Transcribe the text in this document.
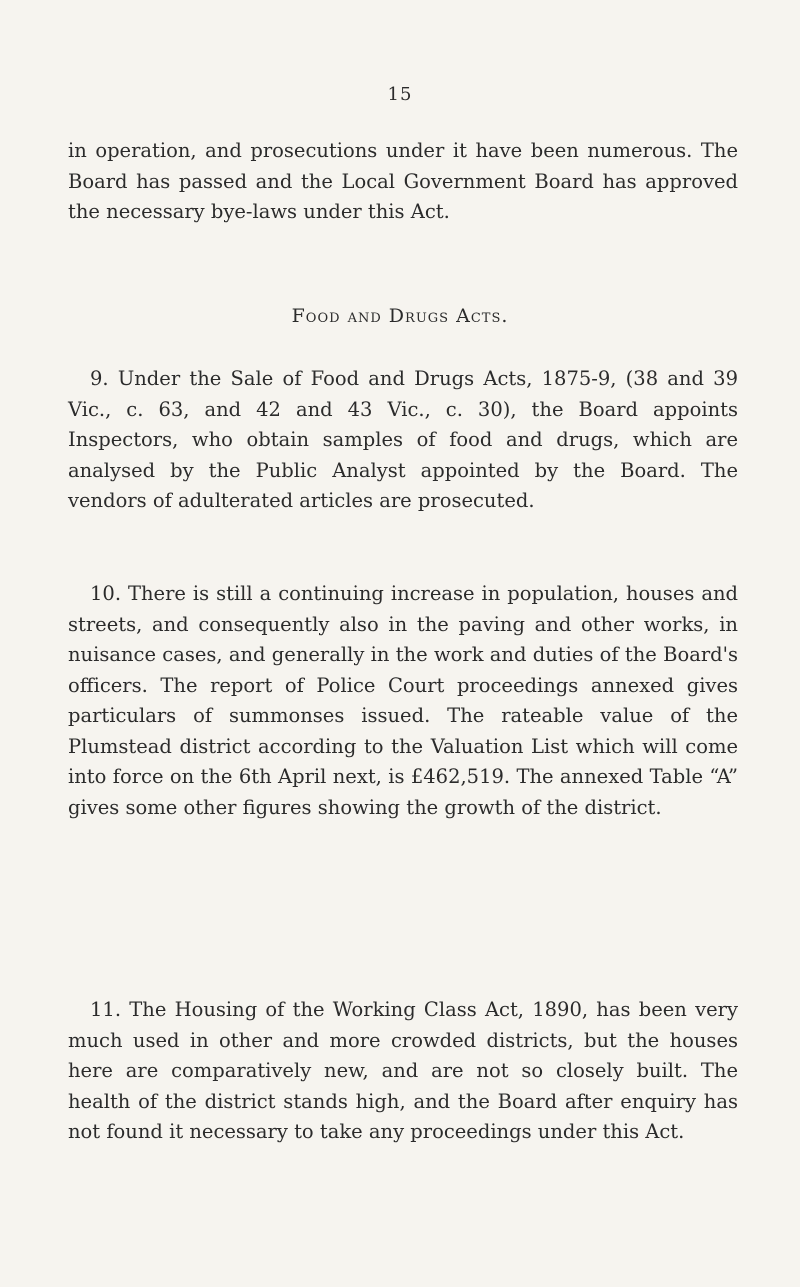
15

in operation, and prosecutions under it have been numerous. The Board has passed and the Local Government Board has approved the necessary bye-laws under this Act.

Food and Drugs Acts.

9. Under the Sale of Food and Drugs Acts, 1875-9, (38 and 39 Vic., c. 63, and 42 and 43 Vic., c. 30), the Board appoints Inspectors, who obtain samples of food and drugs, which are analysed by the Public Analyst appointed by the Board. The vendors of adulterated articles are prosecuted.

10. There is still a continuing increase in population, houses and streets, and consequently also in the paving and other works, in nuisance cases, and generally in the work and duties of the Board's officers. The report of Police Court proceedings annexed gives particulars of summonses issued. The rateable value of the Plumstead district according to the Valuation List which will come into force on the 6th April next, is £462,519. The annexed Table “A” gives some other figures showing the growth of the district.

11. The Housing of the Working Class Act, 1890, has been very much used in other and more crowded districts, but the houses here are comparatively new, and are not so closely built. The health of the district stands high, and the Board after enquiry has not found it necessary to take any proceedings under this Act.
